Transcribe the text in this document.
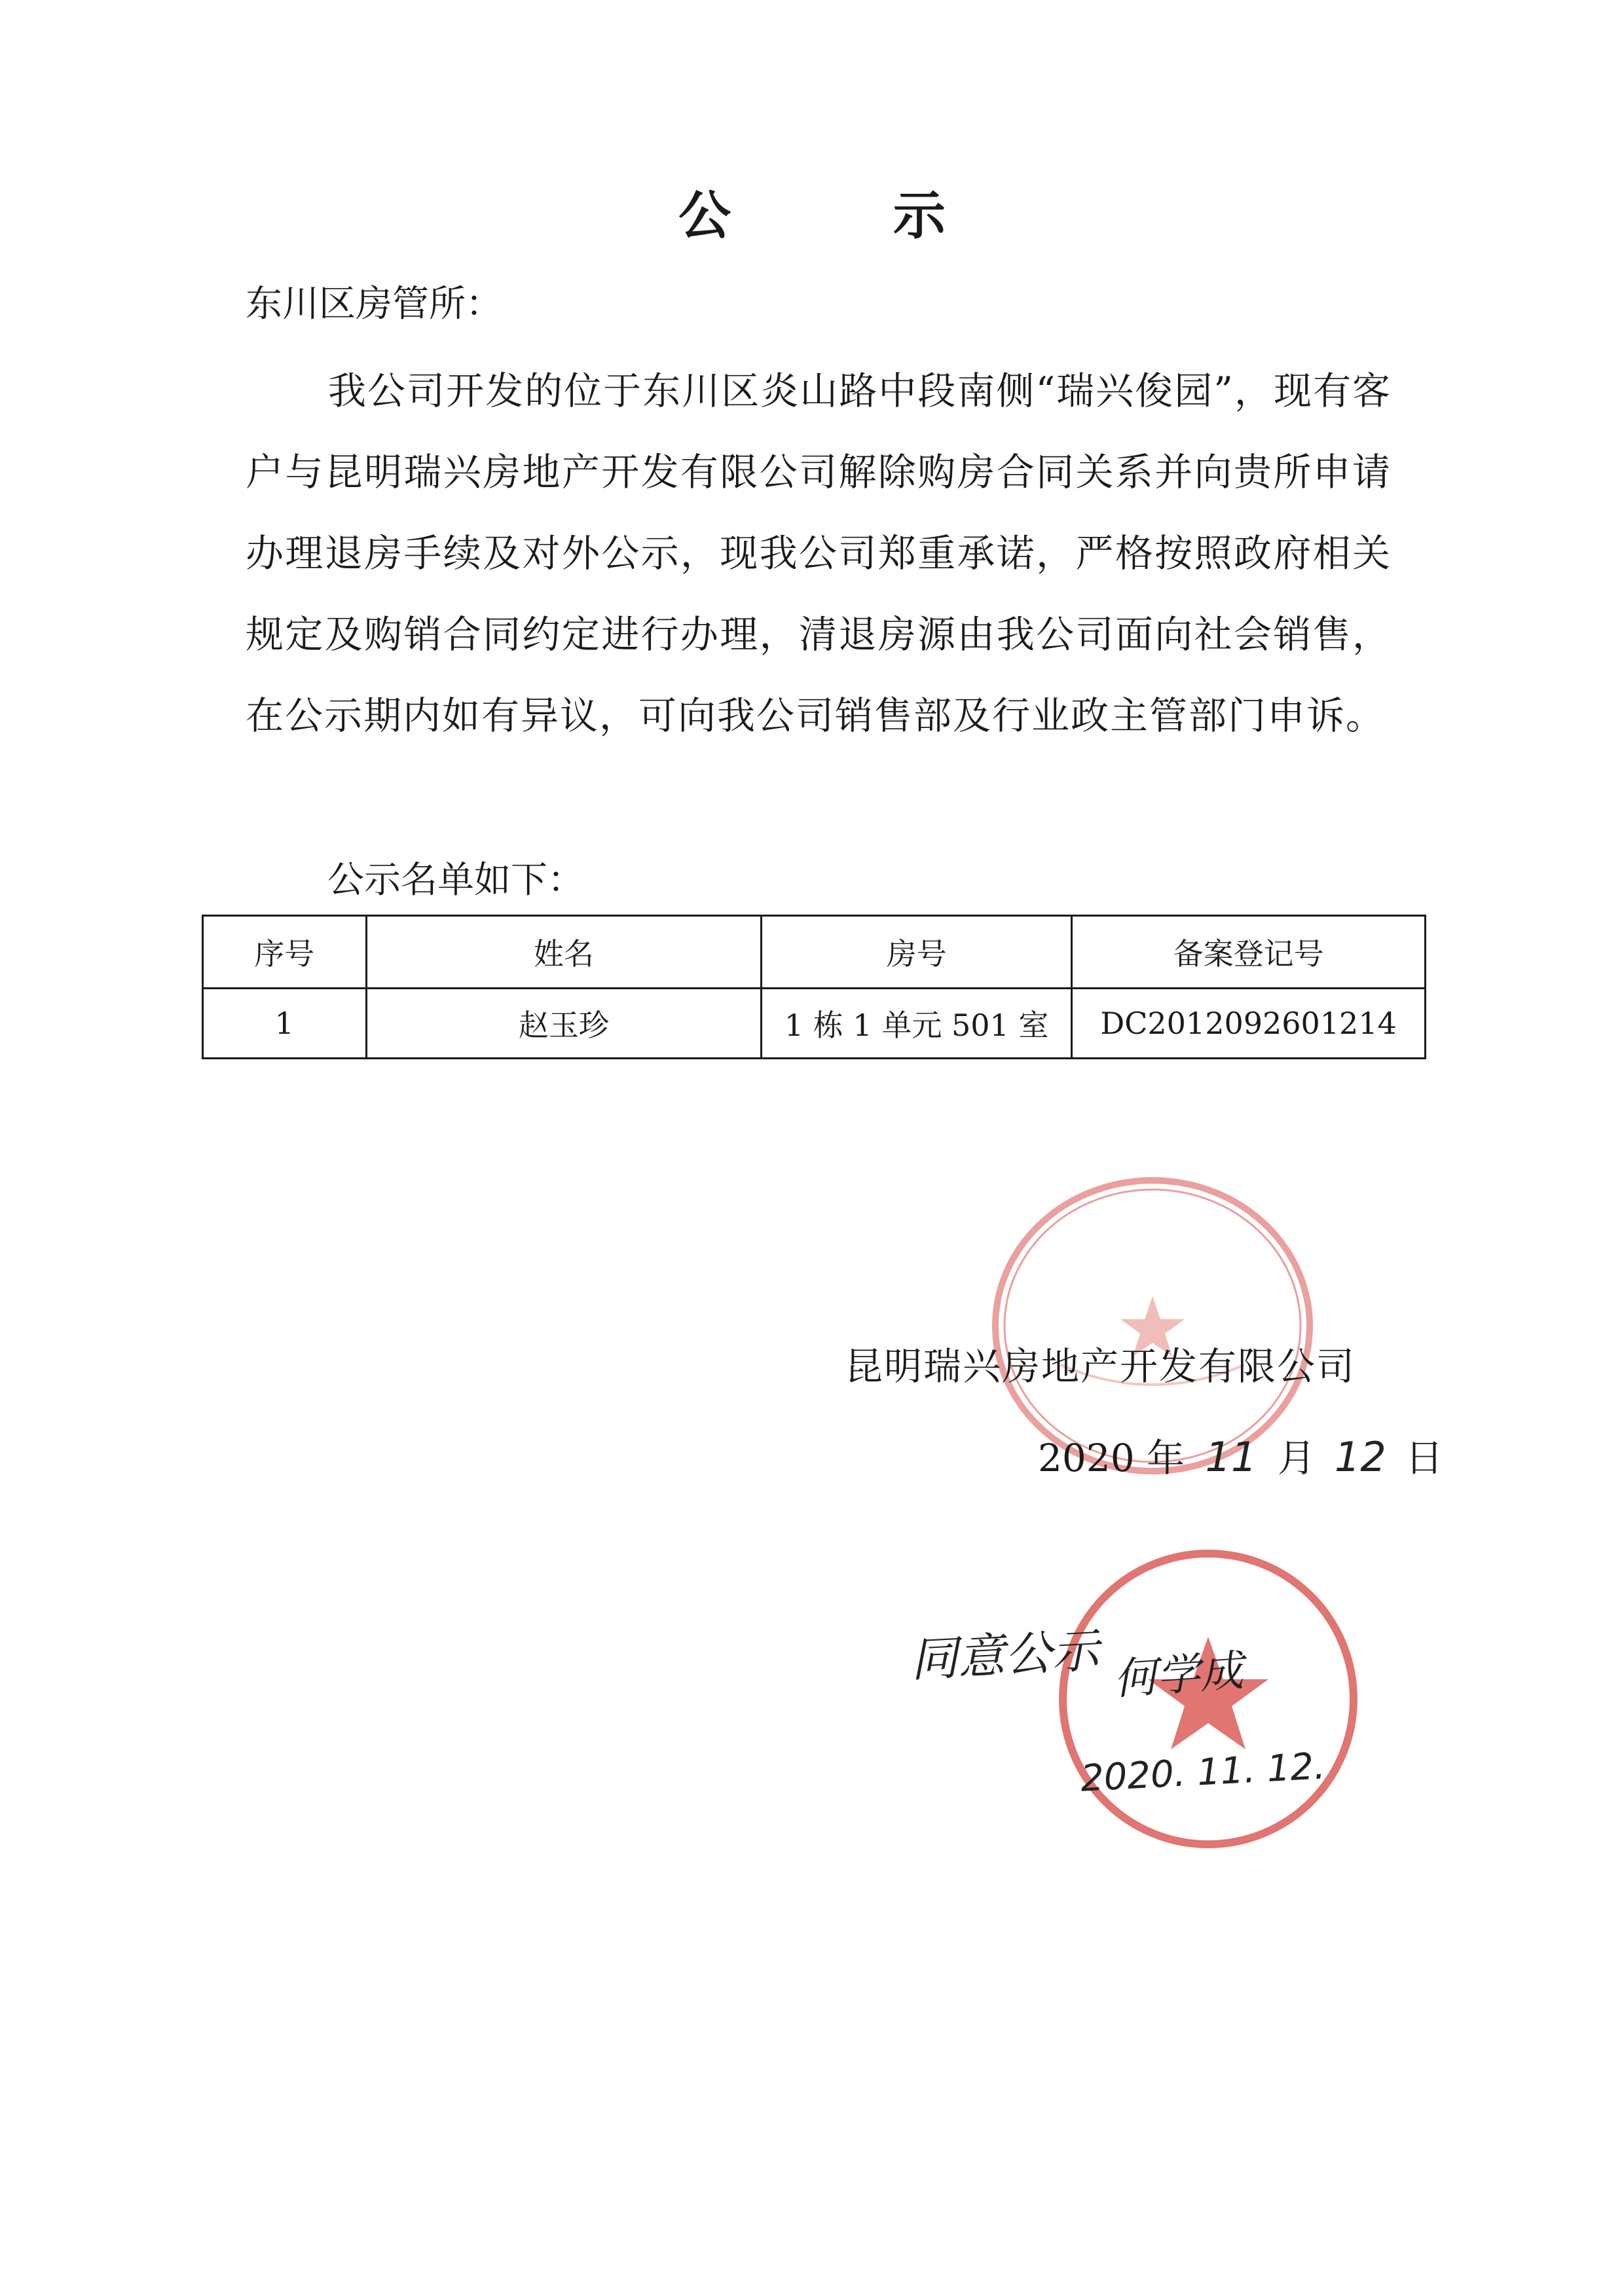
公 示
东川区房管所：
我公司开发的位于东川区炎山路中段南侧“瑞兴俊园”，现有客户与昆明瑞兴房地产开发有限公司解除购房合同关系并向贵所申请办理退房手续及对外公示，现我公司郑重承诺，严格按照政府相关规定及购销合同约定进行办理，清退房源由我公司面向社会销售，在公示期内如有异议，可向我公司销售部及行业政主管部门申诉。
公示名单如下：
序号	姓名	房号	备案登记号
1	赵玉珍	1 栋 1 单元 501 室	DC2012092601214
昆明瑞兴房地产开发有限公司
2020 年 11 月 12 日
同意公示 何学成
2020. 11. 12.
